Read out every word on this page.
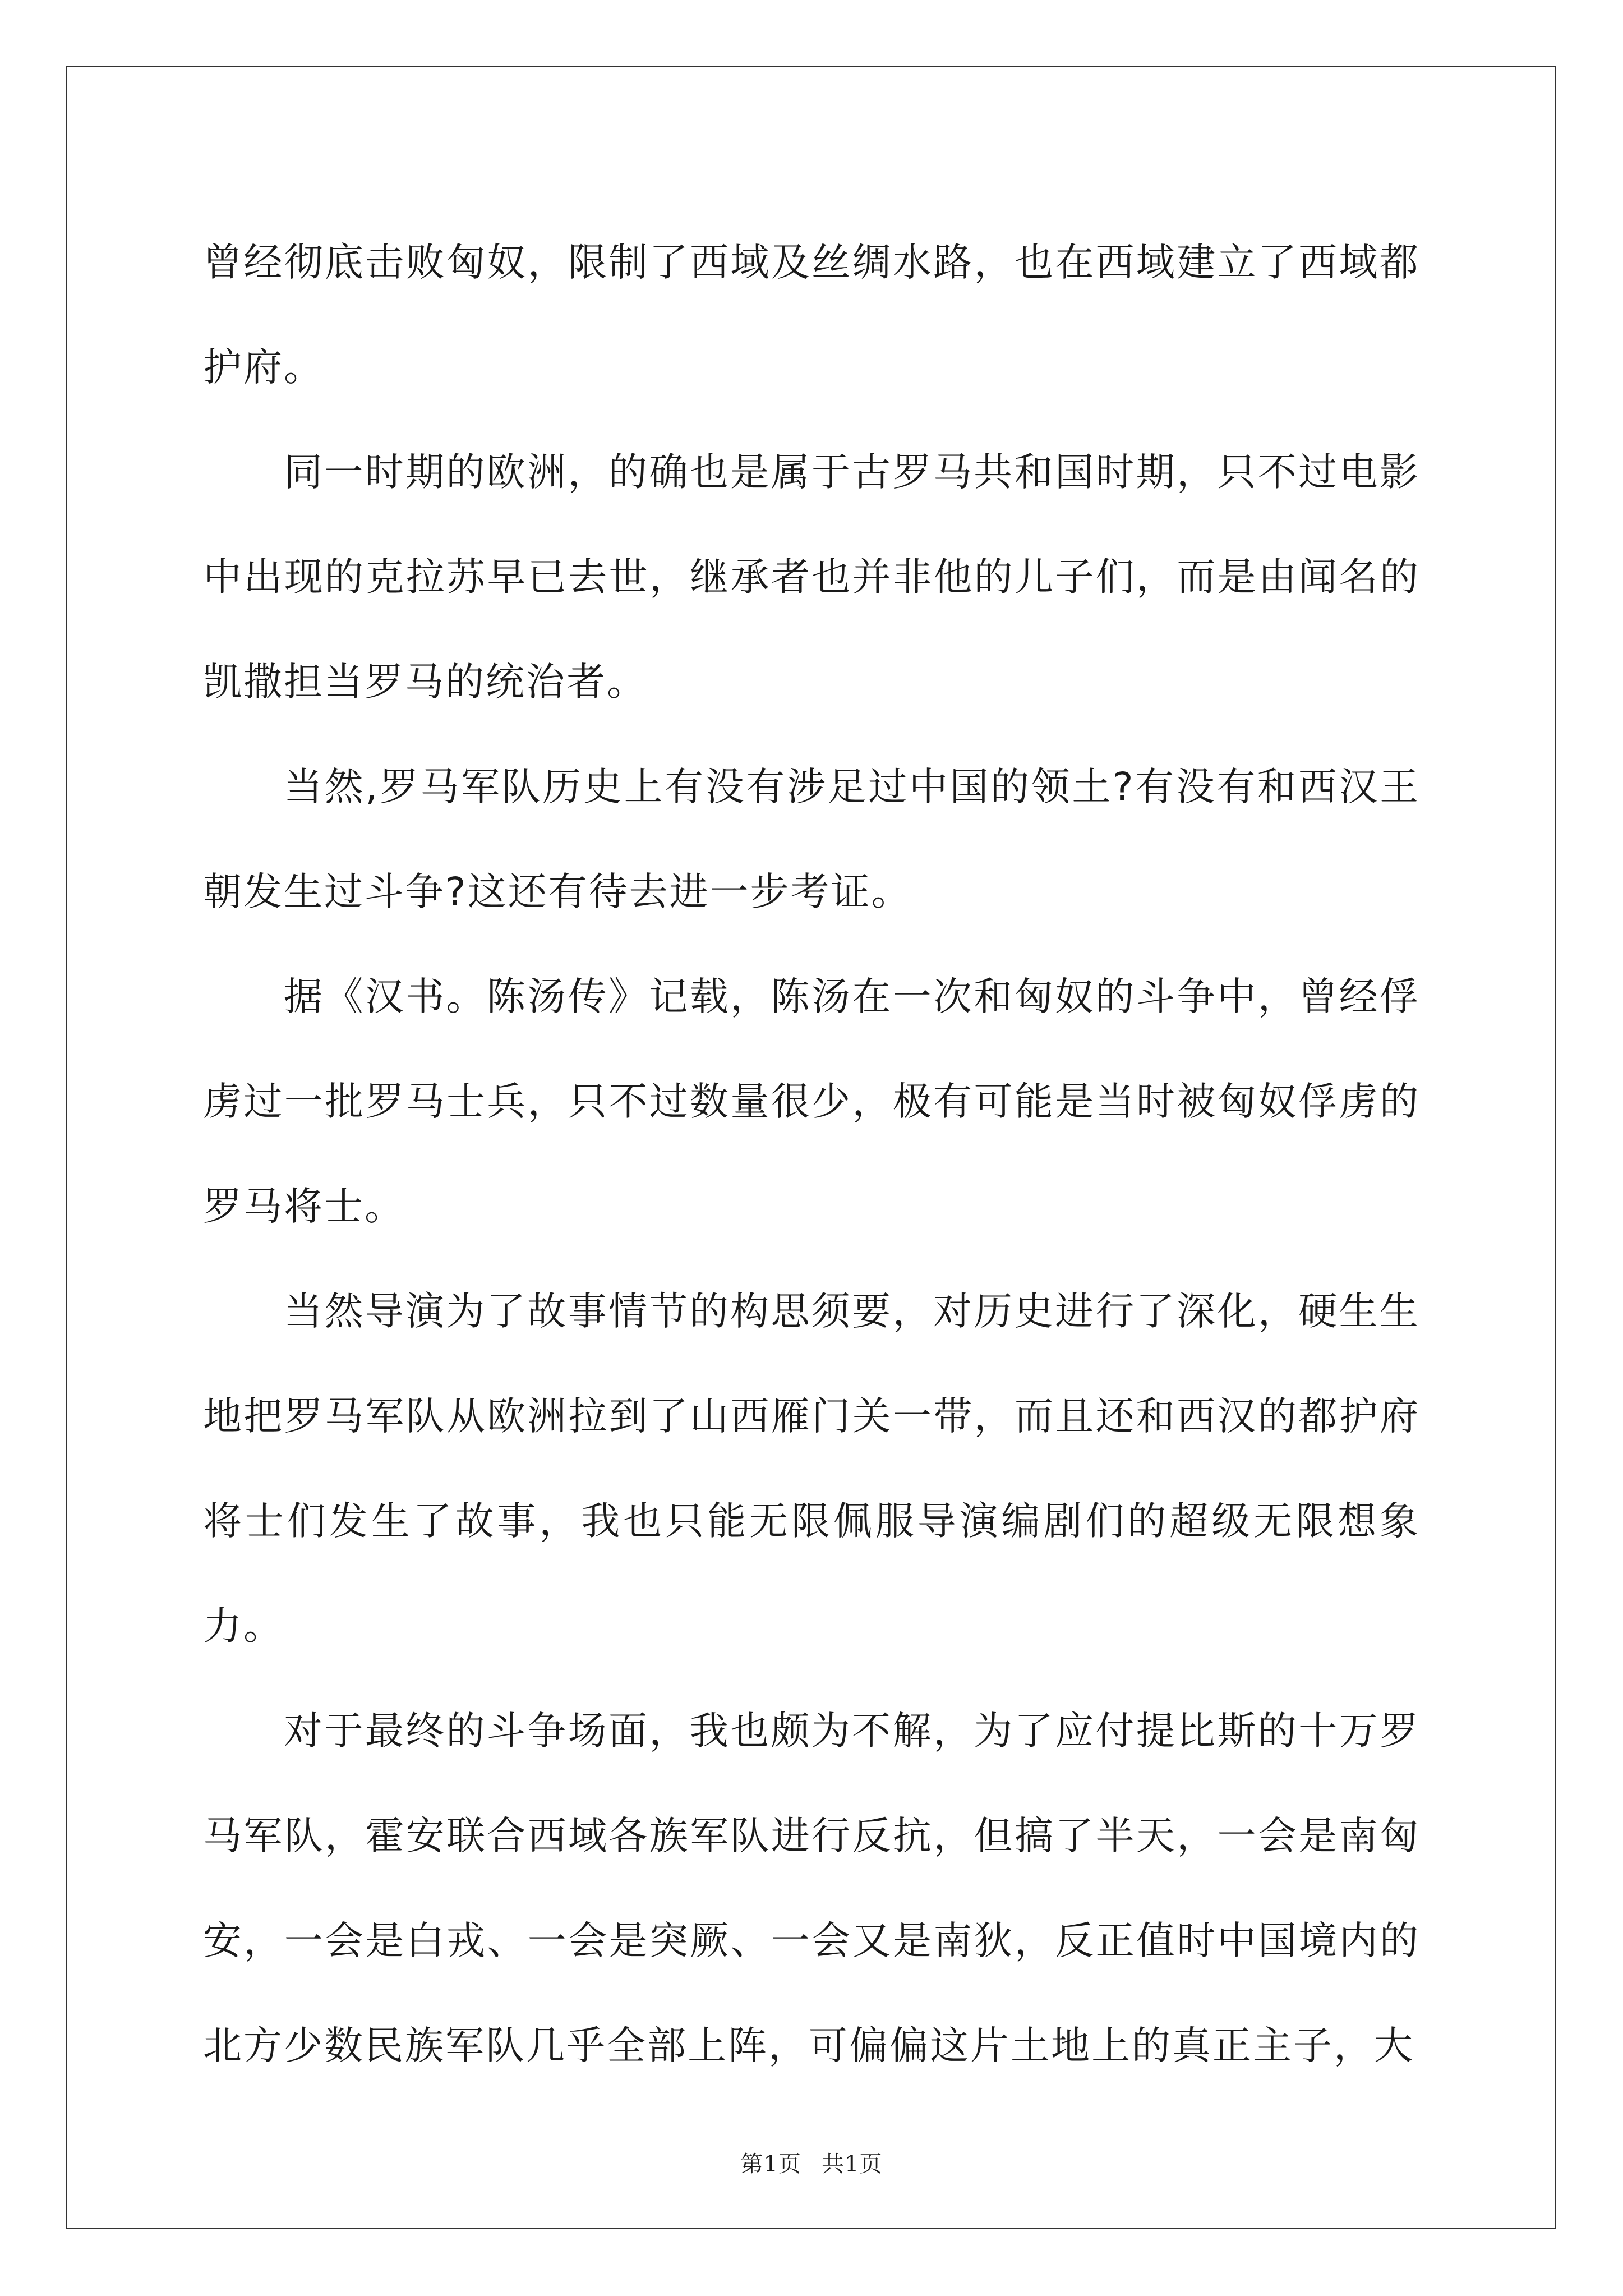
曾经彻底击败匈奴，限制了西域及丝绸水路，也在西域建立了西域都护府。

同一时期的欧洲，的确也是属于古罗马共和国时期，只不过电影中出现的克拉苏早已去世，继承者也并非他的儿子们，而是由闻名的凯撒担当罗马的统治者。

当然,罗马军队历史上有没有涉足过中国的领土?有没有和西汉王朝发生过斗争?这还有待去进一步考证。

据《汉书。陈汤传》记载，陈汤在一次和匈奴的斗争中，曾经俘虏过一批罗马士兵，只不过数量很少，极有可能是当时被匈奴俘虏的罗马将士。

当然导演为了故事情节的构思须要，对历史进行了深化，硬生生地把罗马军队从欧洲拉到了山西雁门关一带，而且还和西汉的都护府将士们发生了故事，我也只能无限佩服导演编剧们的超级无限想象力。

对于最终的斗争场面，我也颇为不解，为了应付提比斯的十万罗马军队，霍安联合西域各族军队进行反抗，但搞了半天，一会是南匈安，一会是白戎、一会是突厥、一会又是南狄，反正值时中国境内的北方少数民族军队几乎全部上阵，可偏偏这片土地上的真正主子，大

第1页 共1页
